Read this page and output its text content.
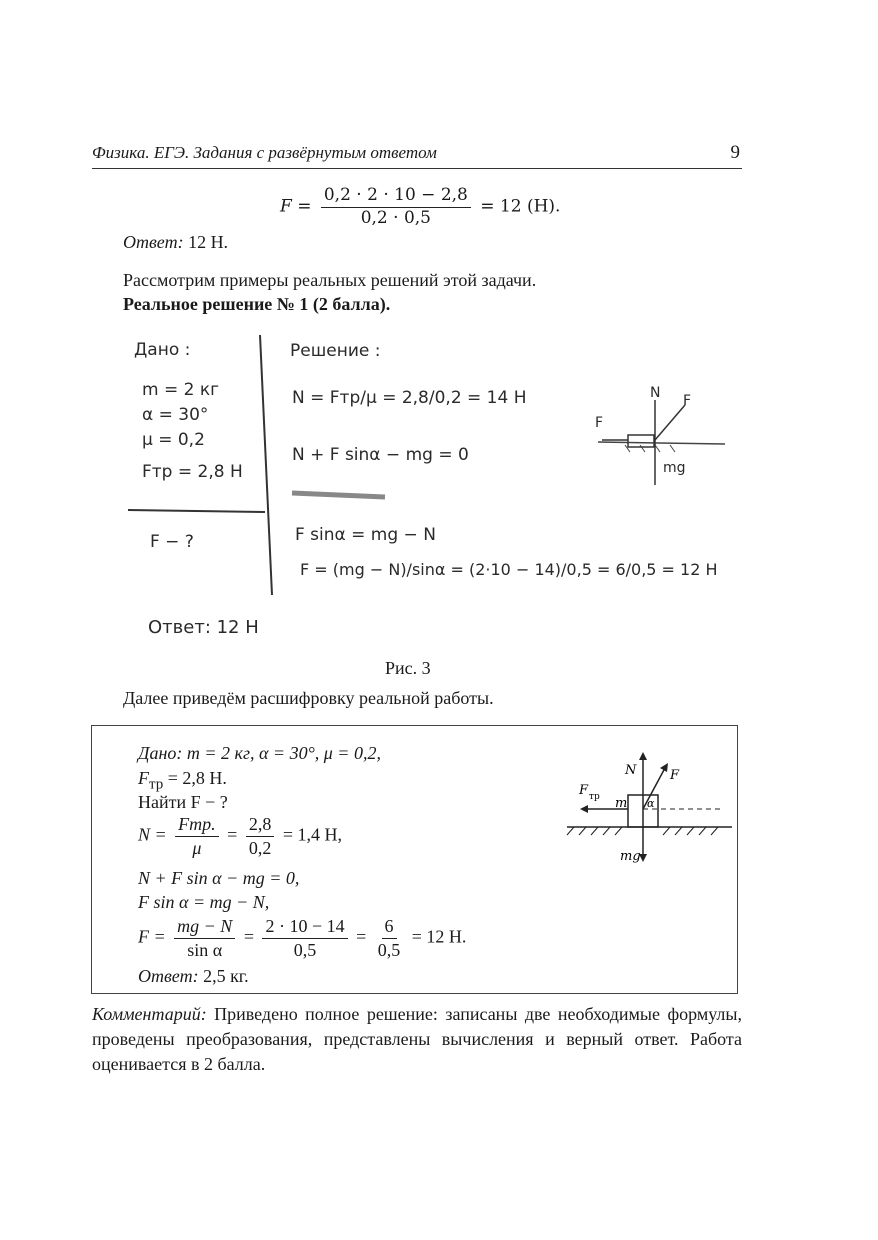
Физика. ЕГЭ. Задания с развёрнутым ответом	9
$F = \frac{0,2 \cdot 2 \cdot 10 - 2,8}{0,2 \cdot 0,5} = 12$ (Н).
Ответ: 12 Н.
Рассмотрим примеры реальных решений этой задачи.
Реальное решение № 1 (2 балла).
Дано :
m = 2 кг
α = 30°
μ = 0,2
Fтр = 2,8 Н
F − ?
Решение :
N = Fтр/μ = 2,8/0,2 = 14 Н
N + F sinα − mg = 0
F sinα = mg − N
F = (mg − N)/sinα = (2·10 − 14)/0,5 = 6/0,5 = 12 Н
F
N F
mg
Ответ: 12 Н
Рис. 3
Далее приведём расшифровку реальной работы.
Дано: m = 2 кг, α = 30°, μ = 0,2,
$F_{тр} = 2,8$ Н.
Найти F − ?
$N = \frac{\text{Fтр.}}{\mu} = \frac{2,8}{0,2} = 1,4$ Н,
N + F sin α − mg = 0,
F sin α = mg − N,
$F = \frac{mg - N}{\text{sin α}} = \frac{2 \cdot 10 - 14}{0,5} = \frac{6}{0,5} = 12$ Н.
Ответ: 2,5 кг.
N	F
F тр m α
mg
Комментарий: Приведено полное решение: записаны две необходимые формулы, проведены преобразования, представлены вычисления и верный ответ. Работа оценивается в 2 балла.
